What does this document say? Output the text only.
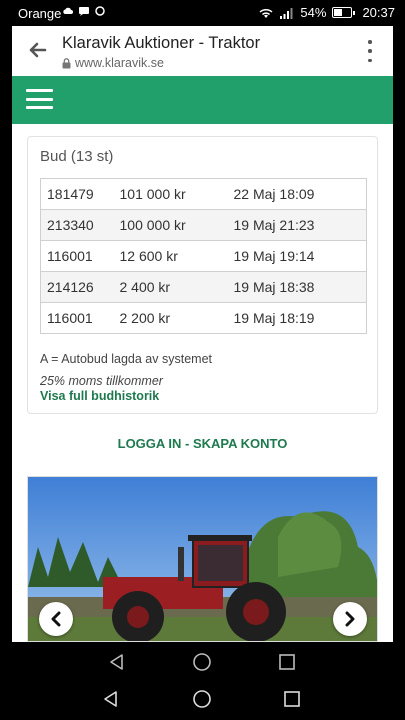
Orange	54%	20:37
Klaravik Auktioner - Traktor
www.klaravik.se
Bud (13 st)
181479	101 000 kr	22 Maj 18:09
213340	100 000 kr	19 Maj 21:23
116001	12 600 kr	19 Maj 19:14
214126	2 400 kr	19 Maj 18:38
116001	2 200 kr	19 Maj 18:19
A = Autobud lagda av systemet
25% moms tillkommer
Visa full budhistorik
LOGGA IN - SKAPA KONTO
